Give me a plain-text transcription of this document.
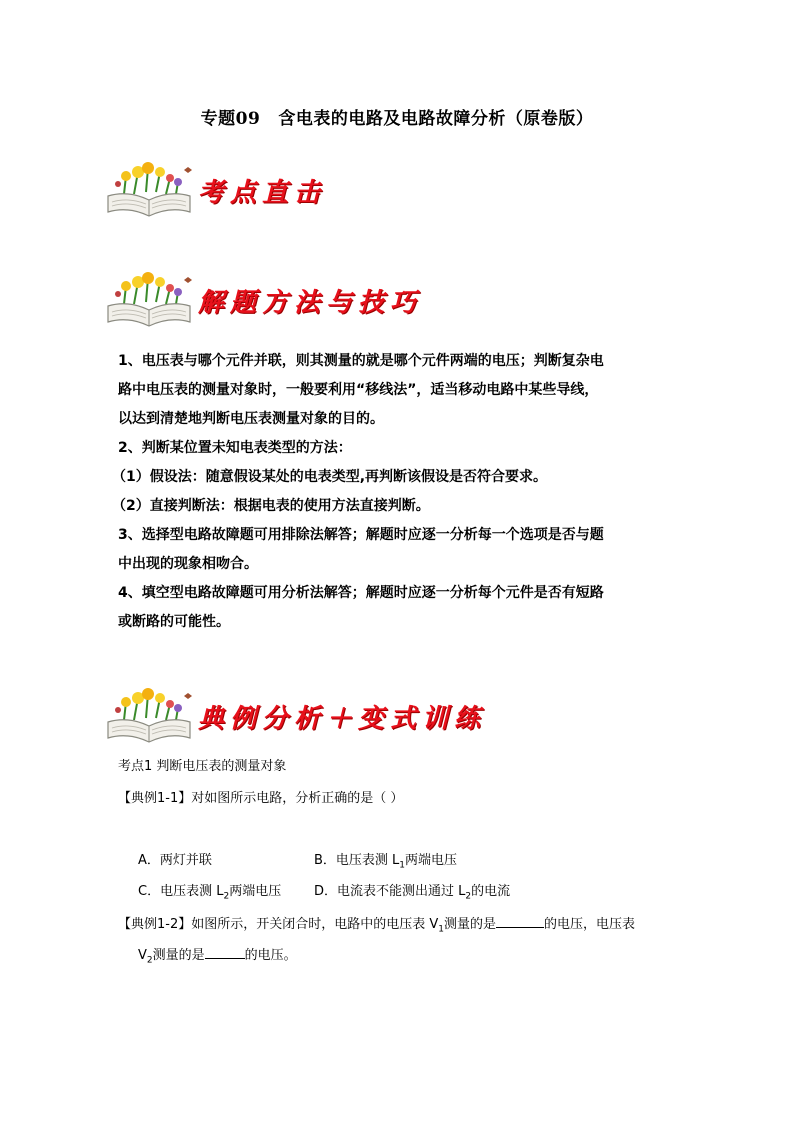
专题09 含电表的电路及电路故障分析（原卷版）
考点直击
解题方法与技巧
1、电压表与哪个元件并联，则其测量的就是哪个元件两端的电压；判断复杂电
路中电压表的测量对象时，一般要利用“移线法”，适当移动电路中某些导线，
以达到清楚地判断电压表测量对象的目的。
2、判断某位置未知电表类型的方法：
（1）假设法：随意假设某处的电表类型,再判断该假设是否符合要求。
（2）直接判断法：根据电表的使用方法直接判断。
3、选择型电路故障题可用排除法解答；解题时应逐一分析每一个选项是否与题
中出现的现象相吻合。
4、填空型电路故障题可用分析法解答；解题时应逐一分析每个元件是否有短路
或断路的可能性。
典例分析＋变式训练
考点1 判断电压表的测量对象
【典例1-1】对如图所示电路，分析正确的是（ ）
A．两灯并联	B．电压表测 $L_1$两端电压
C．电压表测 $L_2$两端电压	D．电流表不能测出通过 $L_2$的电流
【典例1-2】如图所示，开关闭合时，电路中的电压表 $V_1$测量的是	的电压，电压表
$V_2$测量的是	的电压。
